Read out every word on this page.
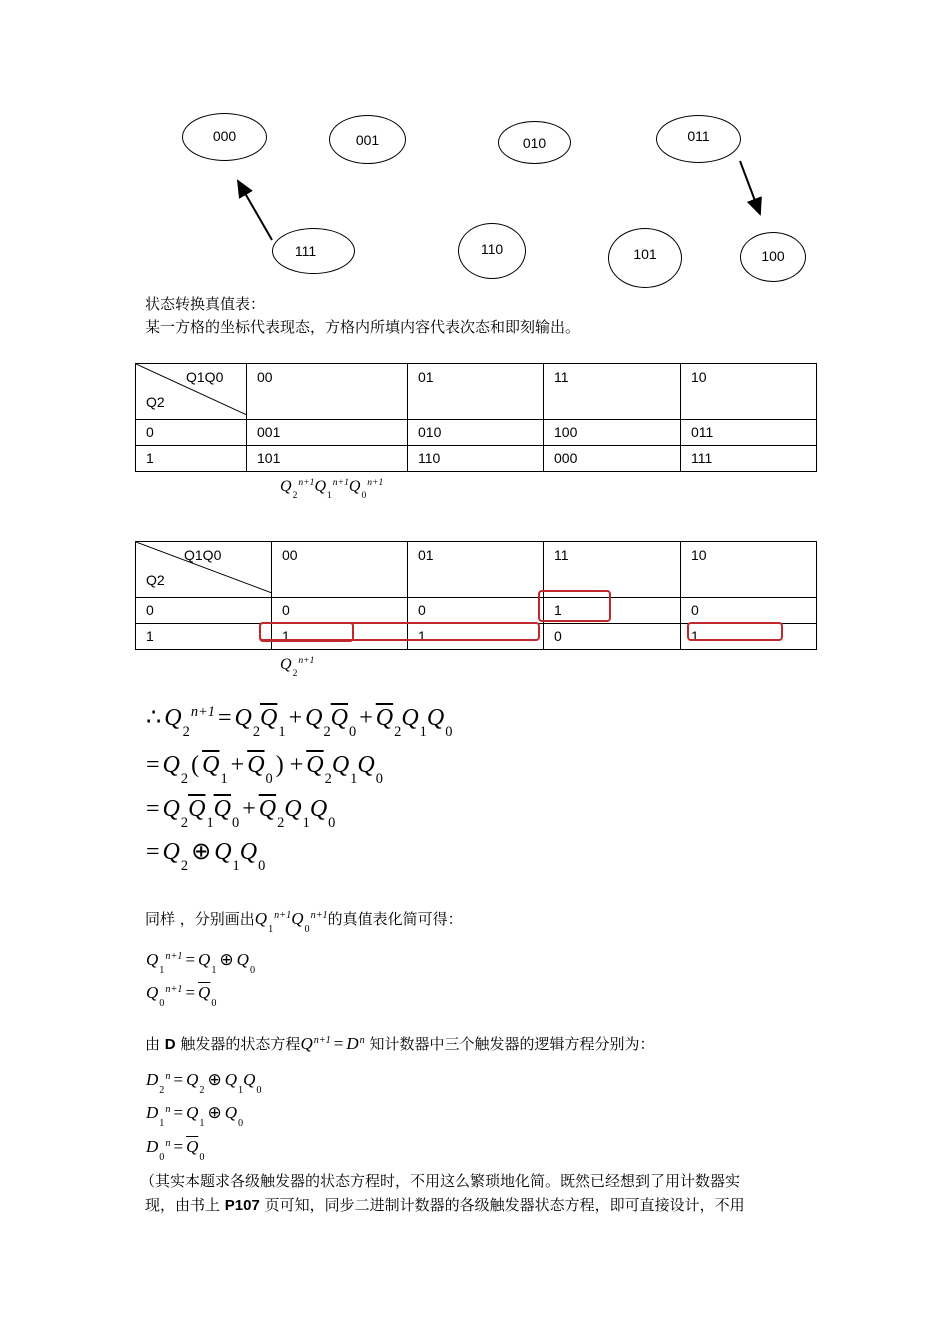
000	001	010	011
111	110	101	100
状态转换真值表：
某一方格的坐标代表现态，方格内所填内容代表次态和即刻输出。
Q1Q0
Q2	00	01	11	10
0	001	010	100	011
1	101	110	000	111
$Q_2^{n+1}Q_1^{n+1}Q_0^{n+1}$
Q1Q0
Q2	00	01	11	10
0	0	0	1	0
1	1	1	0	1
$Q_2^{n+1}$
∴ $Q_2^{n+1} = Q_2\overline{Q}_1+ Q_2\overline{Q}_0+ \overline{Q}_2Q_1Q_0$
= $Q_2$( $\overline{Q}_1+ \overline{Q}_0) + \overline{Q}_2Q_1Q_0$
= $Q_2\overline{Q}_1\overline{Q}_0+ \overline{Q}_2Q_1Q_0$
= $Q_2\oplus$ $Q_1Q_0$
同样 ，分别画出$Q_1^{n+1}Q_0^{n+1}$的真值表化简可得：
$Q_1^{n+1}$ = $Q_1\oplus$ $Q_0$
$Q_0^{n+1} = \overline{Q}_0$
由 D 触发器的状态方程$Q^{n+1} = D^n$ 知计数器中三个触发器的逻辑方程分别为：
$D_2^n$ = $Q_2\oplus$ $Q_1Q_0$
$D_1^n$ = $Q_1\oplus$ $Q_0$
$D_0^n = \overline{Q}_0$
（其实本题求各级触发器的状态方程时，不用这么繁琐地化简。既然已经想到了用计数器实
现，由书上 P107 页可知，同步二进制计数器的各级触发器状态方程，即可直接设计，不用
